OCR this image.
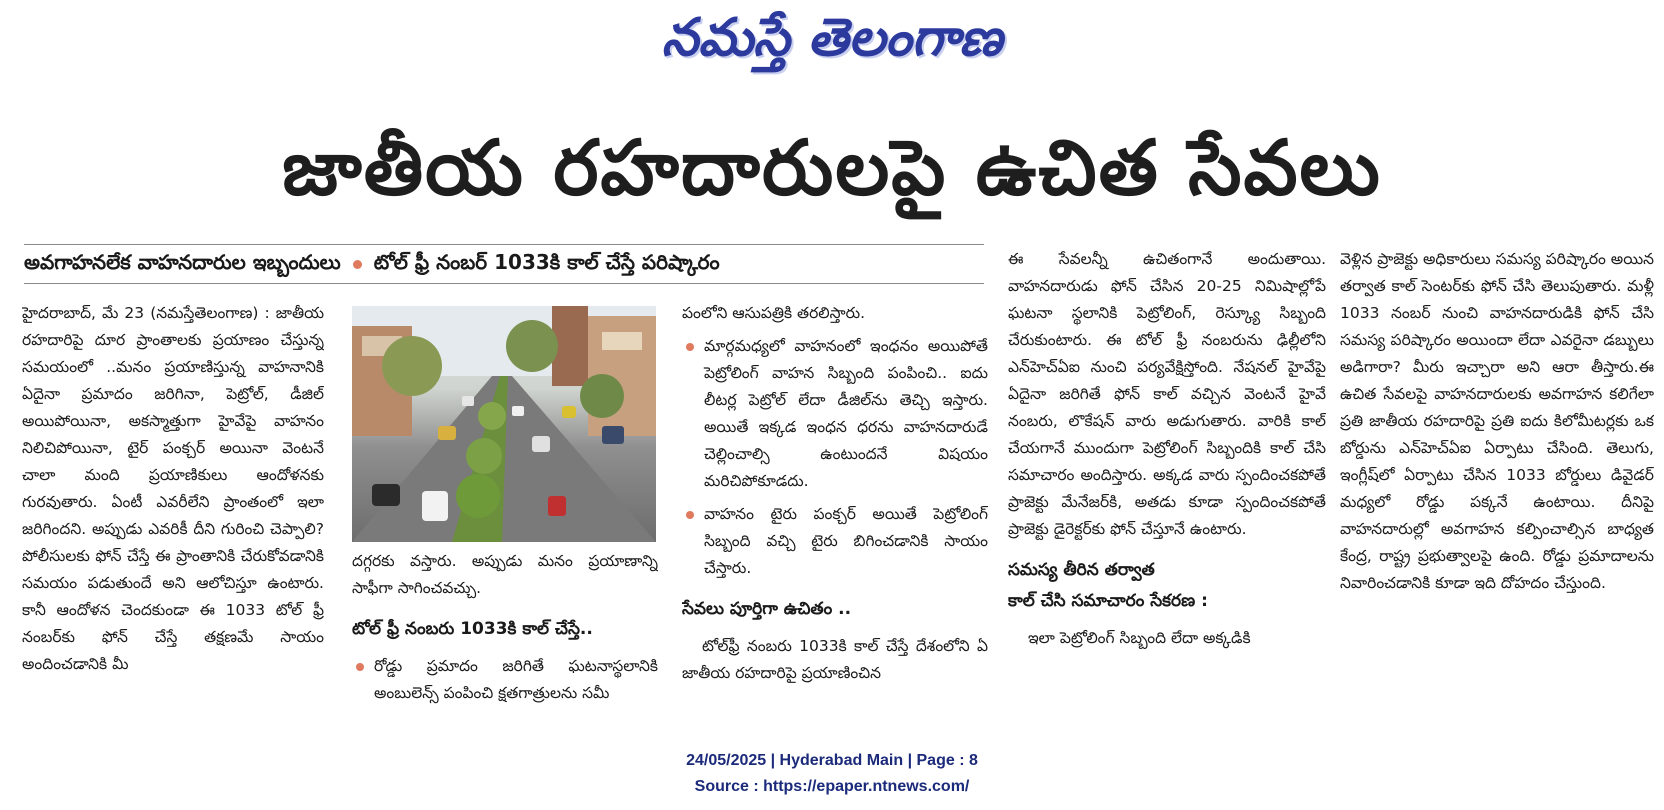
నమస్తే తెలంగాణ
జాతీయ రహదారులపై ఉచిత సేవలు
అవగాహనలేక వాహనదారుల ఇబ్బందులు టోల్ ఫ్రీ నంబర్ 1033కి కాల్ చేస్తే పరిష్కారం

హైదరాబాద్, మే 23 (నమస్తేతెలంగాణ) : జాతీయ రహదారిపై దూర ప్రాంతాలకు ప్రయాణం చేస్తున్న సమయంలో ..మనం ప్రయాణిస్తున్న వాహనానికి ఏదైనా ప్రమాదం జరిగినా, పెట్రోల్, డీజిల్ అయిపోయినా, అకస్మాత్తుగా హైవేపై వాహనం నిలిచిపోయినా, టైర్ పంక్చర్ అయినా వెంటనే చాలా మంది ప్రయాణికులు ఆందోళనకు గురవుతారు. ఏంటీ ఎవరీలేని ప్రాంతంలో ఇలా జరిగిందని. అప్పుడు ఎవరికీ దీని గురించి చెప్పాలి? పోలీసులకు ఫోన్ చేస్తే ఈ ప్రాంతానికి చేరుకోవడానికి సమయం పడుతుందే అని ఆలోచిస్తూ ఉంటారు. కానీ ఆందోళన చెందకుండా ఈ 1033 టోల్ ఫ్రీ నంబర్‌కు ఫోన్ చేస్తే తక్షణమే సాయం అందించడానికి మీ

దగ్గరకు వస్తారు. అప్పుడు మనం ప్రయాణాన్ని సాఫీగా సాగించవచ్చు.

టోల్ ఫ్రీ నంబరు 1033కి కాల్ చేస్తే..

రోడ్డు ప్రమాదం జరిగితే ఘటనాస్థలానికి అంబులెన్స్ పంపించి క్షతగాత్రులను సమీ

పంలోని ఆసుపత్రికి తరలిస్తారు.

మార్గమధ్యలో వాహనంలో ఇంధనం అయిపోతే పెట్రోలింగ్ వాహన సిబ్బంది పంపించి.. ఐదు లీటర్ల పెట్రోల్ లేదా డీజిల్‌ను తెచ్చి ఇస్తారు. అయితే ఇక్కడ ఇంధన ధరను వాహనదారుడే చెల్లించాల్సి ఉంటుందనే విషయం మరిచిపోకూడదు.

వాహనం టైరు పంక్చర్ అయితే పెట్రోలింగ్ సిబ్బంది వచ్చి టైరు బిగించడానికి సాయం చేస్తారు.

సేవలు పూర్తిగా ఉచితం ..

టోల్‌ఫ్రీ నంబరు 1033కి కాల్ చేస్తే దేశంలోని ఏ జాతీయ రహదారిపై ప్రయాణించిన

ఈ సేవలన్నీ ఉచితంగానే అందుతాయి. వాహనదారుడు ఫోన్ చేసిన 20-25 నిమిషాల్లోపే ఘటనా స్థలానికి పెట్రోలింగ్, రెస్క్యూ సిబ్బంది చేరుకుంటారు. ఈ టోల్ ఫ్రీ నంబరును ఢిల్లీలోని ఎన్‌హెచ్‌ఏఐ నుంచి పర్యవేక్షిస్తోంది. నేషనల్ హైవేపై ఏదైనా జరిగితే ఫోన్ కాల్ వచ్చిన వెంటనే హైవే నంబరు, లొకేషన్ వారు అడుగుతారు. వారికి కాల్ చేయగానే ముందుగా పెట్రోలింగ్ సిబ్బందికి కాల్ చేసి సమాచారం అందిస్తారు. అక్కడ వారు స్పందించకపోతే ప్రాజెక్టు మేనేజర్‌కి, అతడు కూడా స్పందించకపోతే ప్రాజెక్టు డైరెక్టర్‌కు ఫోన్ చేస్తూనే ఉంటారు.

సమస్య తీరిన తర్వాత
కాల్ చేసి సమాచారం సేకరణ :

ఇలా పెట్రోలింగ్ సిబ్బంది లేదా అక్కడికి

వెళ్లిన ప్రాజెక్టు అధికారులు సమస్య పరిష్కారం అయిన తర్వాత కాల్ సెంటర్‌కు ఫోన్ చేసి తెలుపుతారు. మళ్లీ 1033 నంబర్ నుంచి వాహనదారుడికి ఫోన్ చేసి సమస్య పరిష్కారం అయిందా లేదా ఎవరైనా డబ్బులు అడిగారా? మీరు ఇచ్చారా అని ఆరా తీస్తారు.ఈ ఉచిత సేవలపై వాహనదారులకు అవగాహన కలిగేలా ప్రతి జాతీయ రహదారిపై ప్రతి ఐదు కిలోమీటర్లకు ఒక బోర్డును ఎన్‌హెచ్‌ఏఐ ఏర్పాటు చేసింది. తెలుగు, ఇంగ్లీష్‌లో ఏర్పాటు చేసిన 1033 బోర్డులు డివైడర్ మధ్యలో రోడ్డు పక్కనే ఉంటాయి. దీనిపై వాహనదారుల్లో అవగాహన కల్పించాల్సిన బాధ్యత కేంద్ర, రాష్ట్ర ప్రభుత్వాలపై ఉంది. రోడ్డు ప్రమాదాలను నివారించడానికి కూడా ఇది దోహదం చేస్తుంది.

24/05/2025 | Hyderabad Main | Page : 8
Source : https://epaper.ntnews.com/
